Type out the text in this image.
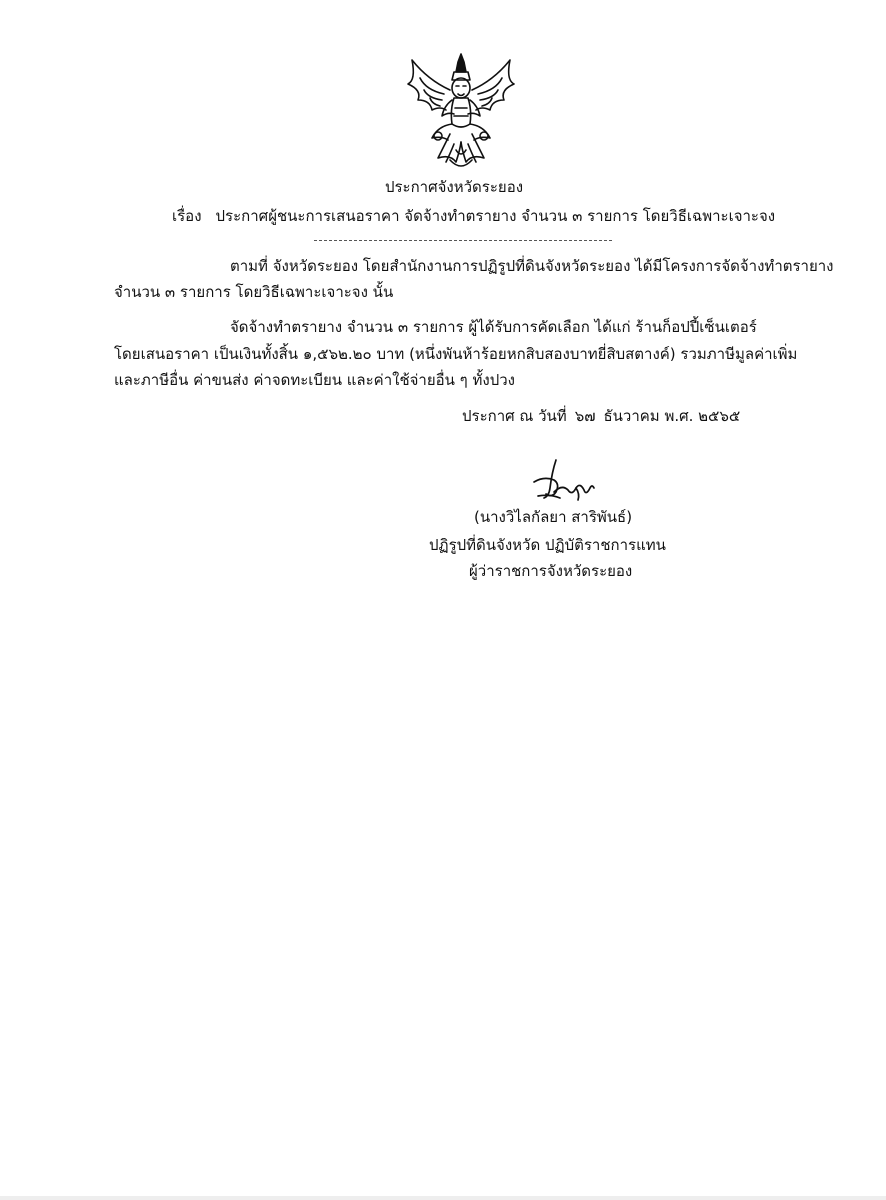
ประกาศจังหวัดระยอง
เรื่อง ประกาศผู้ชนะการเสนอราคา จัดจ้างทำตรายาง จำนวน ๓ รายการ โดยวิธีเฉพาะเจาะจง
ตามที่ จังหวัดระยอง โดยสำนักงานการปฏิรูปที่ดินจังหวัดระยอง ได้มีโครงการจัดจ้างทำตรายาง
จำนวน ๓ รายการ โดยวิธีเฉพาะเจาะจง นั้น
จัดจ้างทำตรายาง จำนวน ๓ รายการ ผู้ได้รับการคัดเลือก ได้แก่ ร้านก็อปปี้เซ็นเตอร์
โดยเสนอราคา เป็นเงินทั้งสิ้น ๑,๕๖๒.๒๐ บาท (หนึ่งพันห้าร้อยหกสิบสองบาทยี่สิบสตางค์) รวมภาษีมูลค่าเพิ่ม
และภาษีอื่น ค่าขนส่ง ค่าจดทะเบียน และค่าใช้จ่ายอื่น ๆ ทั้งปวง
ประกาศ ณ วันที่ ๖๗ ธันวาคม พ.ศ. ๒๕๖๕
(นางวิไลกัลยา สาริพันธ์)
ปฏิรูปที่ดินจังหวัด ปฏิบัติราชการแทน
ผู้ว่าราชการจังหวัดระยอง
